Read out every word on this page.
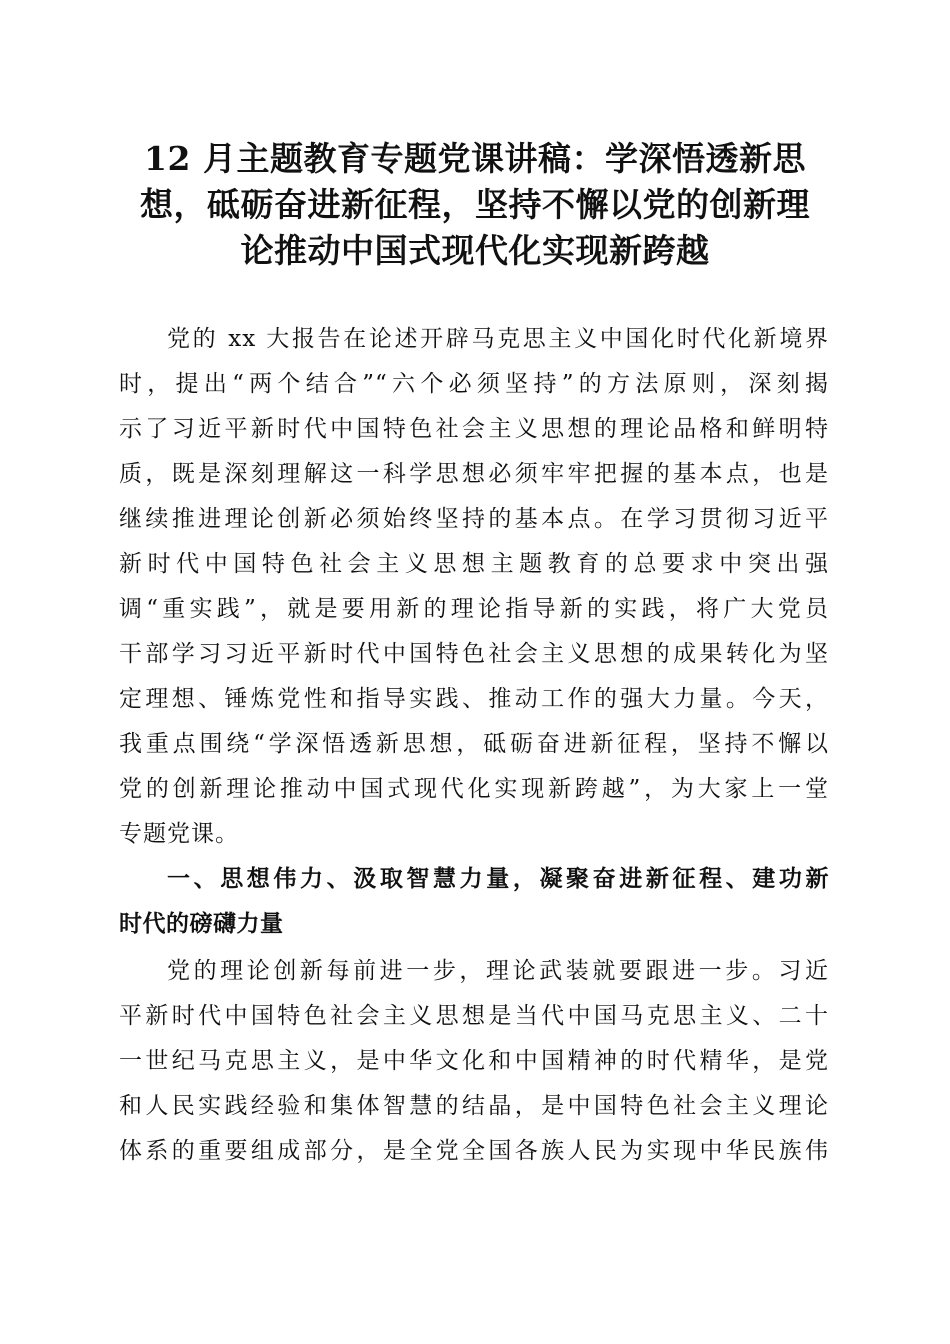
12 月主题教育专题党课讲稿：学深悟透新思
想，砥砺奋进新征程，坚持不懈以党的创新理
论推动中国式现代化实现新跨越
党的 xx 大报告在论述开辟马克思主义中国化时代化新境界
时，提出“两个结合”“六个必须坚持”的方法原则，深刻揭
示了习近平新时代中国特色社会主义思想的理论品格和鲜明特
质，既是深刻理解这一科学思想必须牢牢把握的基本点，也是
继续推进理论创新必须始终坚持的基本点。在学习贯彻习近平
新时代中国特色社会主义思想主题教育的总要求中突出强
调“重实践”，就是要用新的理论指导新的实践，将广大党员
干部学习习近平新时代中国特色社会主义思想的成果转化为坚
定理想、锤炼党性和指导实践、推动工作的强大力量。今天，
我重点围绕“学深悟透新思想，砥砺奋进新征程，坚持不懈以
党的创新理论推动中国式现代化实现新跨越”，为大家上一堂
专题党课。
一、思想伟力、汲取智慧力量，凝聚奋进新征程、建功新
时代的磅礴力量
党的理论创新每前进一步，理论武装就要跟进一步。习近
平新时代中国特色社会主义思想是当代中国马克思主义、二十
一世纪马克思主义，是中华文化和中国精神的时代精华，是党
和人民实践经验和集体智慧的结晶，是中国特色社会主义理论
体系的重要组成部分，是全党全国各族人民为实现中华民族伟
